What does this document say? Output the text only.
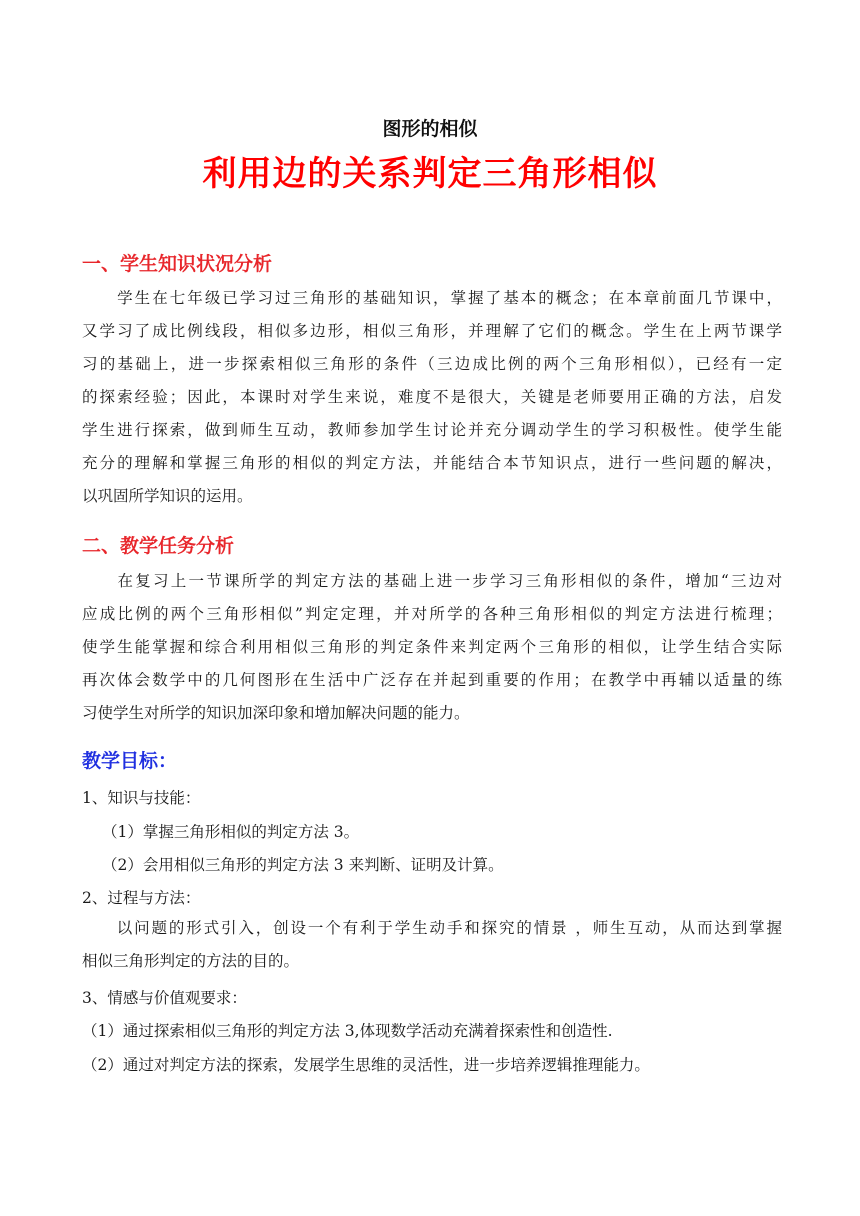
图形的相似
利用边的关系判定三角形相似
一、学生知识状况分析
　　学生在七年级已学习过三角形的基础知识，掌握了基本的概念；在本章前面几节课中，
又学习了成比例线段，相似多边形，相似三角形，并理解了它们的概念。学生在上两节课学
习的基础上，进一步探索相似三角形的条件（三边成比例的两个三角形相似），已经有一定
的探索经验；因此，本课时对学生来说，难度不是很大，关键是老师要用正确的方法，启发
学生进行探索，做到师生互动，教师参加学生讨论并充分调动学生的学习积极性。使学生能
充分的理解和掌握三角形的相似的判定方法，并能结合本节知识点，进行一些问题的解决，
以巩固所学知识的运用。
二、教学任务分析
　　在复习上一节课所学的判定方法的基础上进一步学习三角形相似的条件，增加“三边对
应成比例的两个三角形相似”判定定理，并对所学的各种三角形相似的判定方法进行梳理；
使学生能掌握和综合利用相似三角形的判定条件来判定两个三角形的相似，让学生结合实际
再次体会数学中的几何图形在生活中广泛存在并起到重要的作用；在教学中再辅以适量的练
习使学生对所学的知识加深印象和增加解决问题的能力。
教学目标：
1、知识与技能：
（1）掌握三角形相似的判定方法 3。
（2）会用相似三角形的判定方法 3 来判断、证明及计算。
2、过程与方法：
　　以问题的形式引入，创设一个有利于学生动手和探究的情景 ，师生互动，从而达到掌握
相似三角形判定的方法的目的。
3、情感与价值观要求：
（1）通过探索相似三角形的判定方法 3,体现数学活动充满着探索性和创造性.
（2）通过对判定方法的探索，发展学生思维的灵活性，进一步培养逻辑推理能力。
